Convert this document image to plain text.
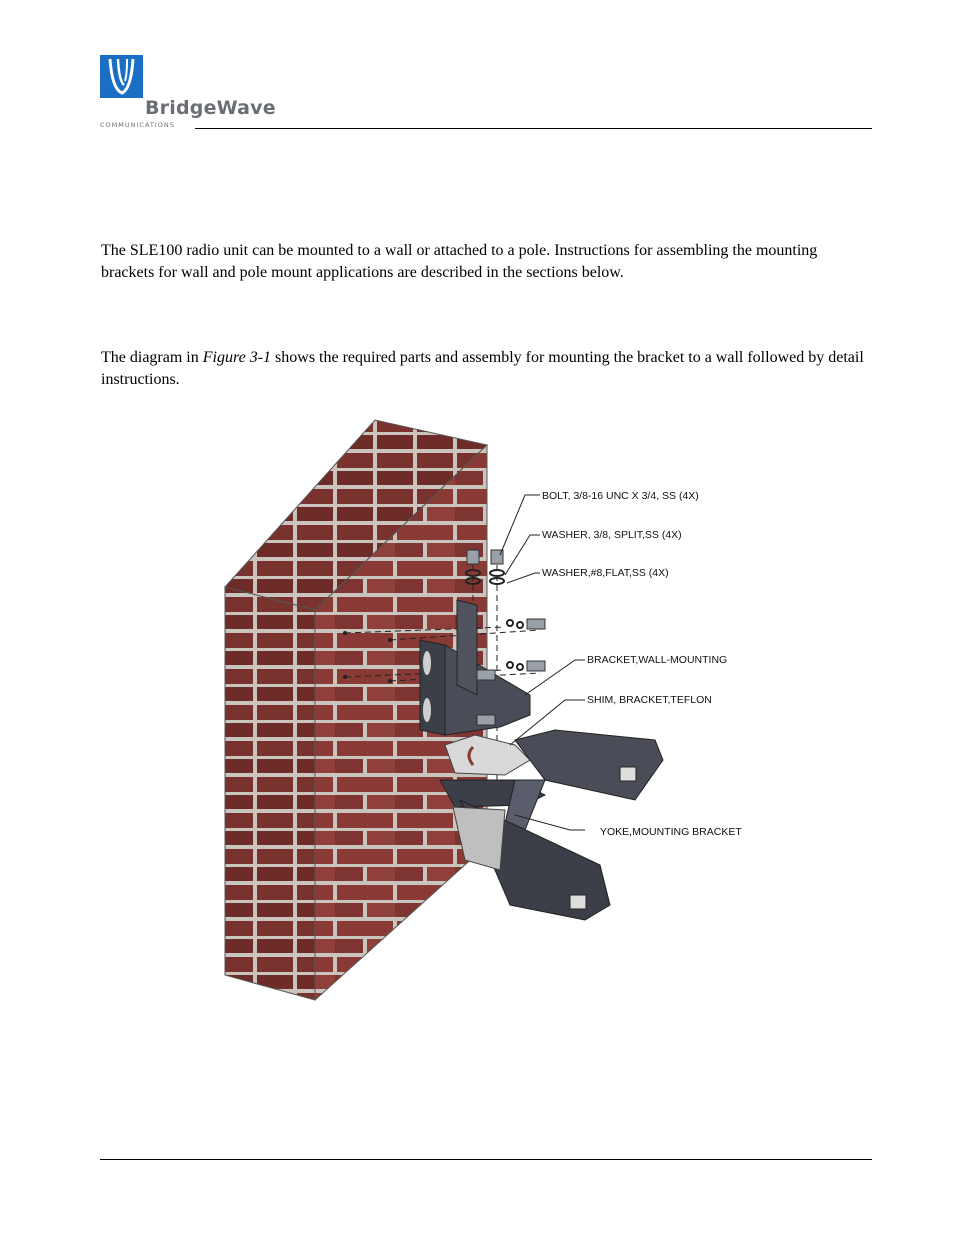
BridgeWave
COMMUNICATIONS

The SLE100 radio unit can be mounted to a wall or attached to a pole. Instructions for assembling the mounting brackets for wall and pole mount applications are described in the sections below.

The diagram in Figure 3-1 shows the required parts and assembly for mounting the bracket to a wall followed by detail instructions.

BOLT, 3/8-16 UNC X 3/4, SS (4X)
WASHER, 3/8, SPLIT,SS (4X)
WASHER,#8,FLAT,SS (4X)
BRACKET,WALL-MOUNTING
SHIM, BRACKET,TEFLON
YOKE,MOUNTING BRACKET
